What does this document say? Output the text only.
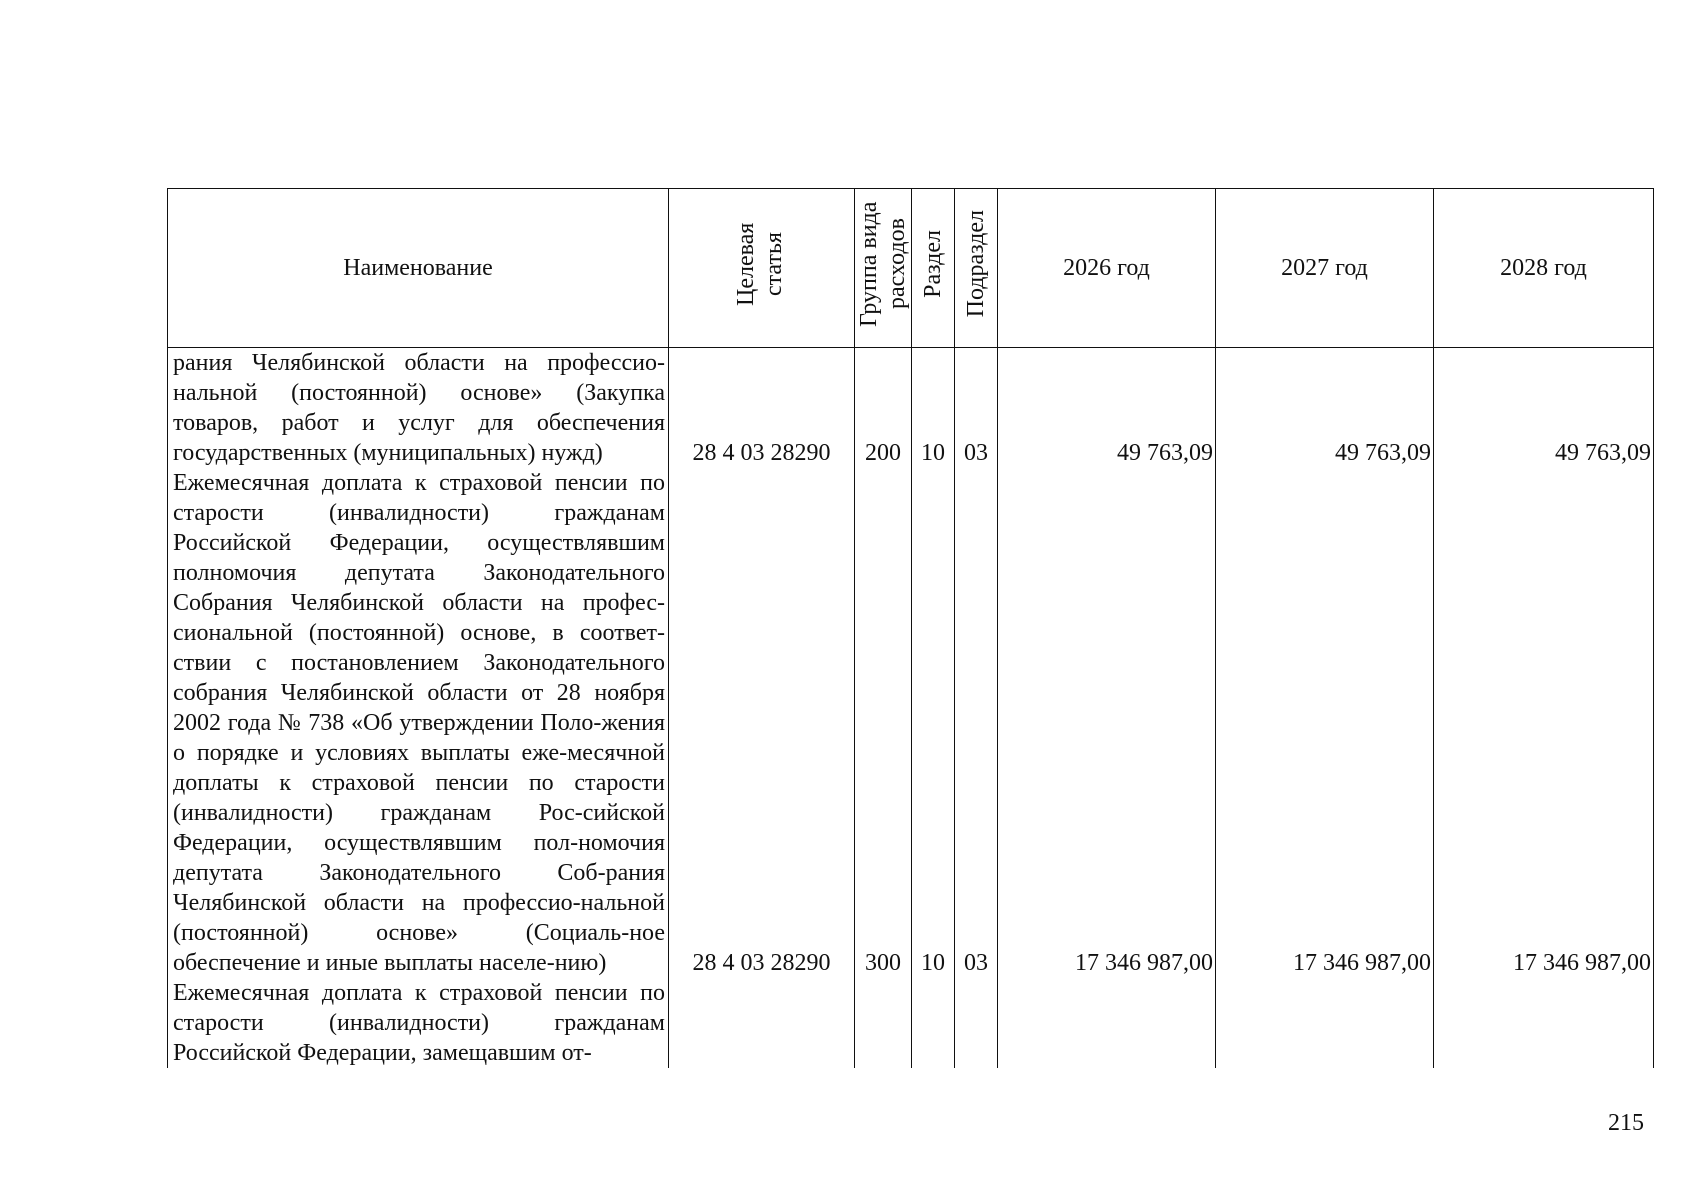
Наименование	Целевая статья	Группа вида расходов	Раздел	Подраздел	2026 год	2027 год	2028 год
рания Челябинской области на профессио-нальной (постоянной) основе» (Закупка товаров, работ и услуг для обеспечения государственных (муниципальных) нужд)	28 4 03 28290	200	10	03	49 763,09	49 763,09	49 763,09
Ежемесячная доплата к страховой пенсии по старости (инвалидности) гражданам Российской Федерации, осуществлявшим полномочия депутата Законодательного Собрания Челябинской области на профес-сиональной (постоянной) основе, в соответ-ствии с постановлением Законодательного собрания Челябинской области от 28 ноября 2002 года № 738 «Об утверждении Поло-жения о порядке и условиях выплаты еже-месячной доплаты к страховой пенсии по старости (инвалидности) гражданам Рос-сийской Федерации, осуществлявшим пол-номочия депутата Законодательного Соб-рания Челябинской области на профессио-нальной (постоянной) основе» (Социаль-ное обеспечение и иные выплаты населе-нию)	28 4 03 28290	300	10	03	17 346 987,00	17 346 987,00	17 346 987,00
Ежемесячная доплата к страховой пенсии по старости (инвалидности) гражданам Российской Федерации, замещавшим от-							
215
